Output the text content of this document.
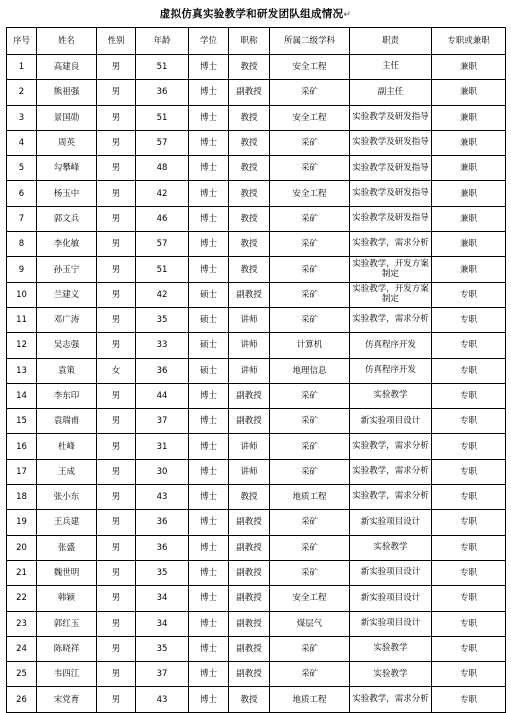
虚拟仿真实验教学和研发团队组成情况↵
序号	姓名	性别	年龄	学位	职称	所属二级学科	职责	专职或兼职
1	高建良	男	51	博士	教授	安全工程	主任	兼职
2	熊祖强	男	36	博士	副教授	采矿	副主任	兼职
3	景国勋	男	51	博士	教授	安全工程	实验教学及研发指导	兼职
4	周英	男	57	博士	教授	采矿	实验教学及研发指导	兼职
5	勾攀峰	男	48	博士	教授	采矿	实验教学及研发指导	兼职
6	杨玉中	男	42	博士	教授	安全工程	实验教学及研发指导	兼职
7	郭文兵	男	46	博士	教授	采矿	实验教学及研发指导	兼职
8	李化敏	男	57	博士	教授	采矿	实验教学，需求分析	兼职
9	孙玉宁	男	51	博士	教授	采矿	实验教学，开发方案制定	兼职
10	兰建义	男	42	硕士	副教授	采矿	实验教学，开发方案制定	专职
11	邓广涛	男	35	硕士	讲师	采矿	实验教学，需求分析	专职
12	吴志强	男	33	硕士	讲师	计算机	仿真程序开发	专职
13	袁策	女	36	硕士	讲师	地理信息	仿真程序开发	专职
14	李东印	男	44	博士	副教授	采矿	实验教学	专职
15	袁瑞甫	男	37	博士	副教授	采矿	新实验项目设计	专职
16	杜峰	男	31	博士	讲师	采矿	实验教学，需求分析	专职
17	王成	男	30	博士	讲师	采矿	实验教学，需求分析	专职
18	张小东	男	43	博士	教授	地质工程	实验教学，需求分析	专职
19	王兵建	男	36	博士	副教授	采矿	新实验项目设计	专职
20	张盛	男	36	博士	副教授	采矿	实验教学	专职
21	魏世明	男	35	博士	副教授	采矿	新实验项目设计	专职
22	韩颖	男	34	博士	副教授	安全工程	新实验项目设计	专职
23	郭红玉	男	34	博士	副教授	煤层气	新实验项目设计	专职
24	陈晓祥	男	35	博士	副教授	采矿	实验教学	专职
25	韦四江	男	37	博士	副教授	采矿	实验教学	专职
26	宋党育	男	43	博士	教授	地质工程	实验教学，需求分析	专职
